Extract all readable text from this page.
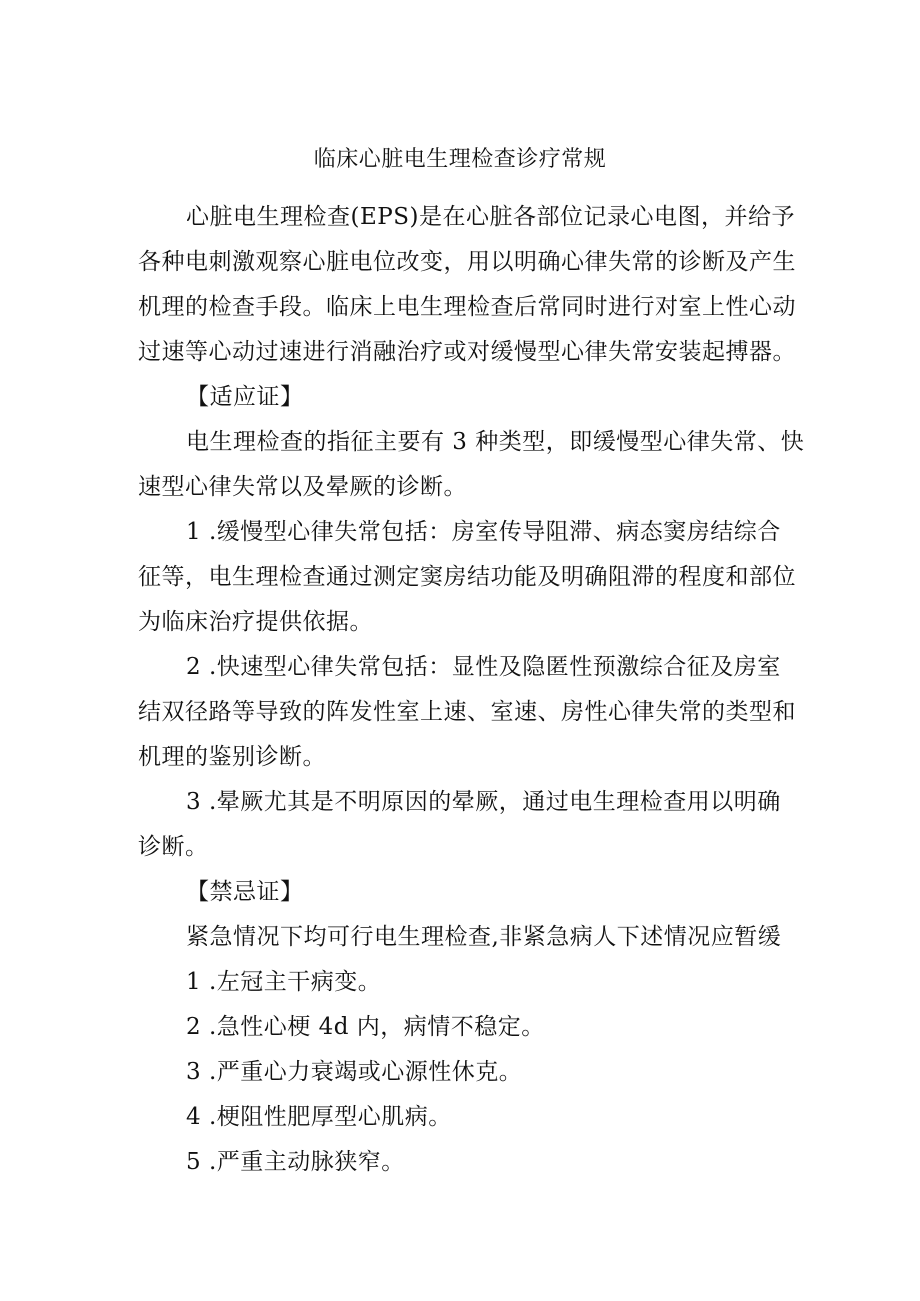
临床心脏电生理检查诊疗常规
心脏电生理检查(EPS)是在心脏各部位记录心电图，并给予
各种电刺激观察心脏电位改变，用以明确心律失常的诊断及产生
机理的检查手段。临床上电生理检查后常同时进行对室上性心动
过速等心动过速进行消融治疗或对缓慢型心律失常安装起搏器。
【适应证】
电生理检查的指征主要有 3 种类型，即缓慢型心律失常、快
速型心律失常以及晕厥的诊断。
1 .缓慢型心律失常包括：房室传导阻滞、病态窦房结综合
征等，电生理检查通过测定窦房结功能及明确阻滞的程度和部位
为临床治疗提供依据。
2 .快速型心律失常包括：显性及隐匿性预激综合征及房室
结双径路等导致的阵发性室上速、室速、房性心律失常的类型和
机理的鉴别诊断。
3 .晕厥尤其是不明原因的晕厥，通过电生理检查用以明确
诊断。
【禁忌证】
紧急情况下均可行电生理检查,非紧急病人下述情况应暂缓
1 .左冠主干病变。
2 .急性心梗 4d 内，病情不稳定。
3 .严重心力衰竭或心源性休克。
4 .梗阻性肥厚型心肌病。
5 .严重主动脉狭窄。
